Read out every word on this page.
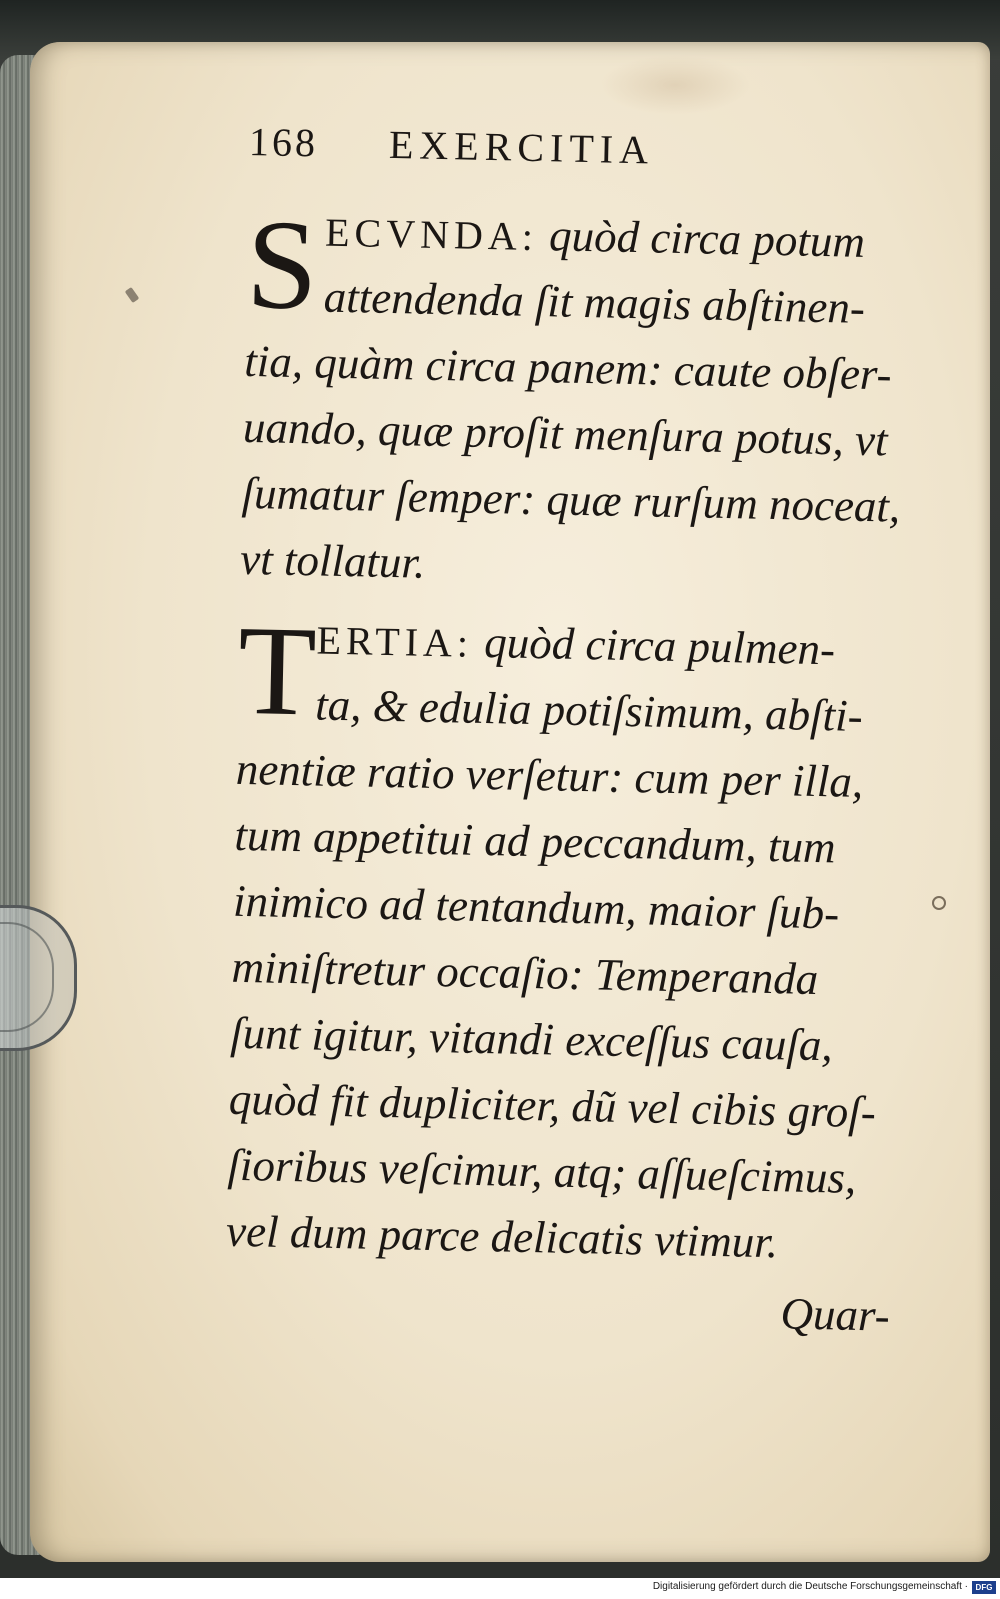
168 EXERCITIA
S ECVNDA: quòd circa potum
attendenda ſit magis abſtinen-
tia, quàm circa panem: caute obſer-
uando, quæ proſit menſura potus, vt
ſumatur ſemper: quæ rurſum noceat,
vt tollatur.
T
ERTIA: quòd circa pulmen-
ta, & edulia potiſsimum, abſti-
nentiæ ratio verſetur: cum per illa,
tum appetitui ad peccandum, tum
inimico ad tentandum, maior ſub-
miniſtretur occaſio: Temperanda
ſunt igitur, vitandi exceſſus cauſa,
quòd fit dupliciter, dũ vel cibis groſ-
ſioribus veſcimur, atq; aſſueſcimus,
vel dum parce delicatis vtimur.
Quar-
Digitalisierung gefördert durch die Deutsche Forschungsgemeinschaft · DFG
